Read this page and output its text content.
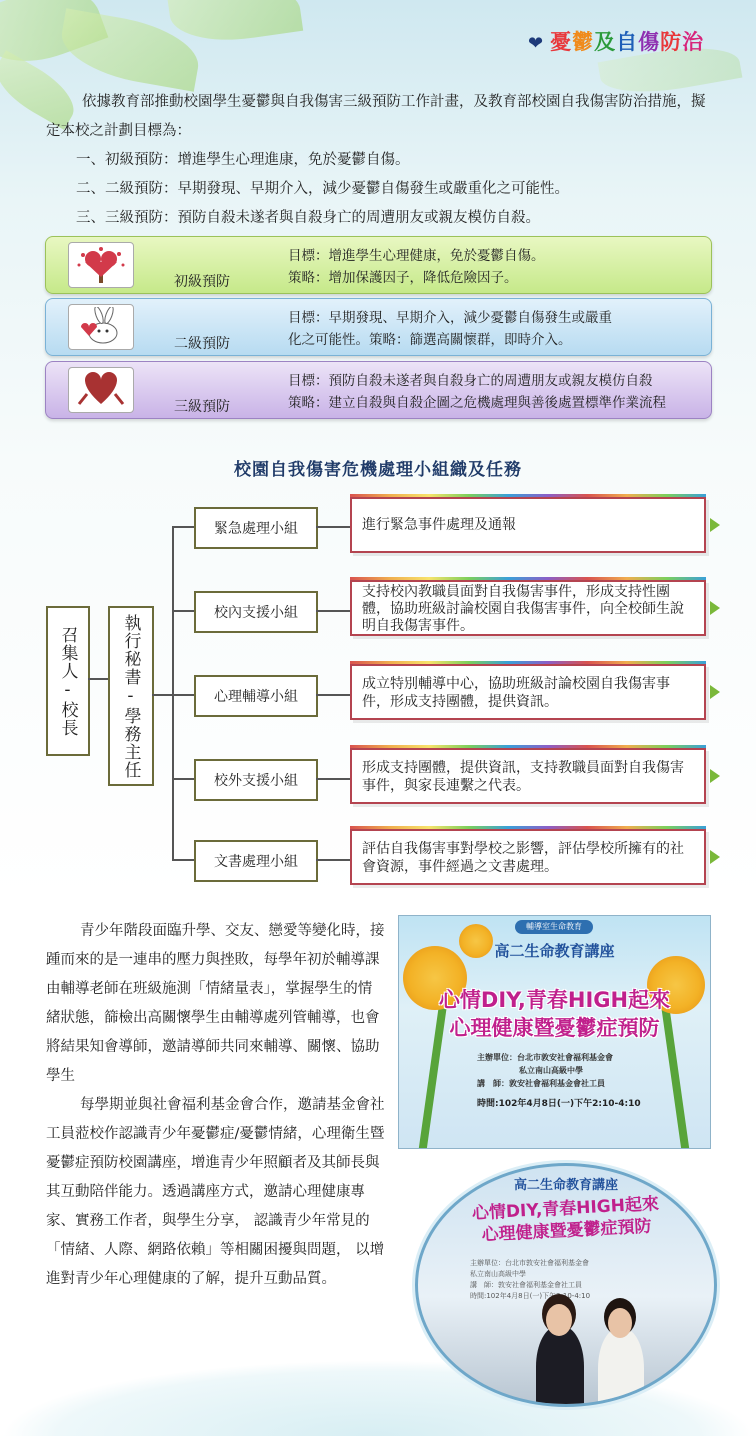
❤ 憂鬱及自傷防治

依據教育部推動校園學生憂鬱與自我傷害三級預防工作計畫，及教育部校園自我傷害防治措施，擬定本校之計劃目標為：

一、初級預防：增進學生心理進康，免於憂鬱自傷。

二、二級預防：早期發現、早期介入，減少憂鬱自傷發生或嚴重化之可能性。

三、三級預防：預防自殺未遂者與自殺身亡的周遭朋友或親友模仿自殺。

初級預防
目標：增進學生心理健康，免於憂鬱自傷。
策略：增加保護因子，降低危險因子。
二級預防
目標：早期發現、早期介入，減少憂鬱自傷發生或嚴重
化之可能性。策略：篩選高關懷群，即時介入。
三級預防
目標：預防自殺未遂者與自殺身亡的周遭朋友或親友模仿自殺
策略：建立自殺與自殺企圖之危機處理與善後處置標準作業流程
校園自我傷害危機處理小組織及任務
召集人-校長	執行秘書-學務主任
緊急處理小組
校內支援小組
心理輔導小組
校外支援小組
文書處理小組
進行緊急事件處理及通報
支持校內教職員面對自我傷害事件，形成支持性團體，協助班級討論校園自我傷害事件，向全校師生說明自我傷害事件。
成立特別輔導中心，協助班級討論校園自我傷害事件，形成支持團體，提供資訊。
形成支持團體，提供資訊，支持教職員面對自我傷害事件，與家長連繫之代表。
評估自我傷害事對學校之影響，評估學校所擁有的社會資源，事件經過之文書處理。

青少年階段面臨升學、交友、戀愛等變化時，接踵而來的是一連串的壓力與挫敗，每學年初於輔導課由輔導老師在班級施測「情緒量表」，掌握學生的情緒狀態，篩檢出高關懷學生由輔導處列管輔導，也會將結果知會導師，邀請導師共同來輔導、關懷、協助學生

每學期並與社會福利基金會合作，邀請基金會社工員蒞校作認識青少年憂鬱症/憂鬱情緒，心理衛生暨憂鬱症預防校園講座，增進青少年照顧者及其師長與其互動陪伴能力。透過講座方式，邀請心理健康專家、實務工作者，與學生分享， 認識青少年常見的「情緒、人際、網路依賴」等相關困擾與問題， 以增進對青少年心理健康的了解，提升互動品質。

輔導室生命教育
高二生命教育講座
心情DIY,青春HIGH起來
心理健康暨憂鬱症預防
主辦單位：台北市敦安社會福利基金會
私立南山高級中學
講　師：敦安社會福利基金會社工員
時間:102年4月8日(一)下午2:10-4:10
高二生命教育講座
心情DIY,青春HIGH起來
心理健康暨憂鬱症預防
主辦單位：台北市敦安社會福利基金會
私立南山高級中學
講　師：敦安社會福利基金會社工員
時間:102年4月8日(一)下午2:10-4:10
